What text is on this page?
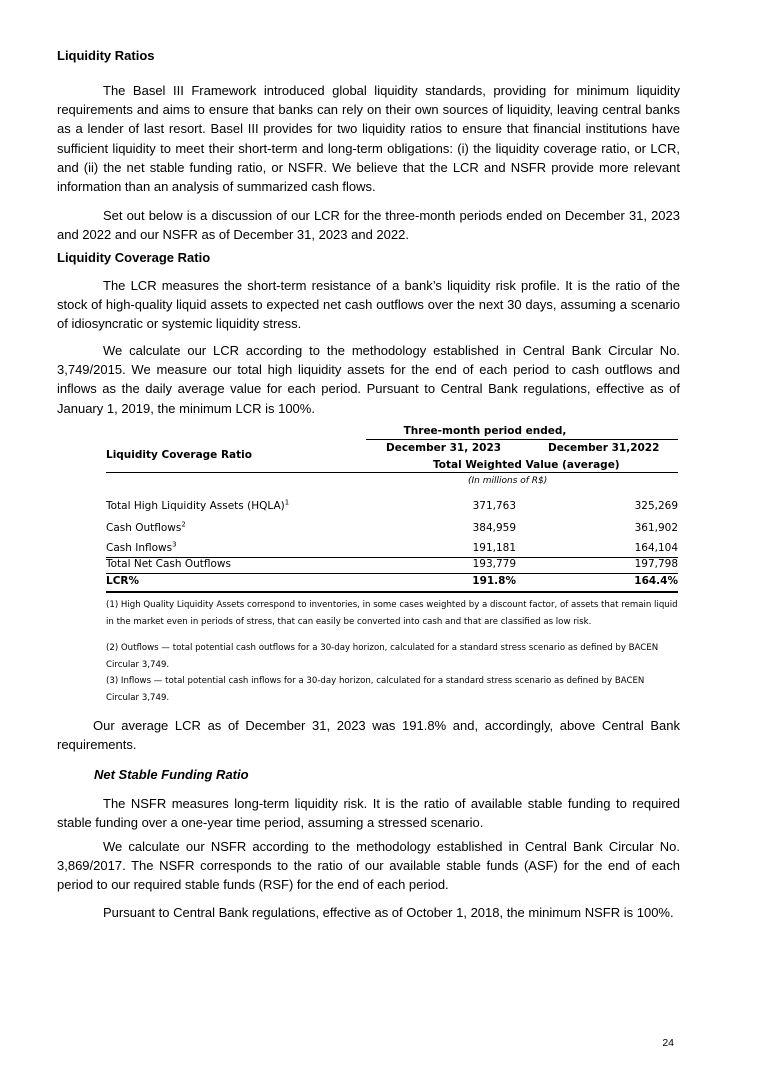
Liquidity Ratios
The Basel III Framework introduced global liquidity standards, providing for minimum liquidity requirements and aims to ensure that banks can rely on their own sources of liquidity, leaving central banks as a lender of last resort. Basel III provides for two liquidity ratios to ensure that financial institutions have sufficient liquidity to meet their short-term and long-term obligations: (i) the liquidity coverage ratio, or LCR, and (ii) the net stable funding ratio, or NSFR. We believe that the LCR and NSFR provide more relevant information than an analysis of summarized cash flows.
Set out below is a discussion of our LCR for the three-month periods ended on December 31, 2023 and 2022 and our NSFR as of December 31, 2023 and 2022.
Liquidity Coverage Ratio
The LCR measures the short-term resistance of a bank’s liquidity risk profile. It is the ratio of the stock of high-quality liquid assets to expected net cash outflows over the next 30 days, assuming a scenario of idiosyncratic or systemic liquidity stress.
We calculate our LCR according to the methodology established in Central Bank Circular No. 3,749/2015. We measure our total high liquidity assets for the end of each period to cash outflows and inflows as the daily average value for each period. Pursuant to Central Bank regulations, effective as of January 1, 2019, the minimum LCR is 100%.
Three-month period ended,
December 31, 2023	December 31,2022
Liquidity Coverage Ratio
Total Weighted Value (average)
(In millions of R$)
Total High Liquidity Assets (HQLA)$^1$	371,763	325,269
Cash Outflows$^2$	384,959	361,902
Cash Inflows$^3$	191,181	164,104
Total Net Cash Outflows	193,779	197,798
LCR%	191.8%	164.4%
(1) High Quality Liquidity Assets correspond to inventories, in some cases weighted by a discount factor, of assets that remain liquid in the market even in periods of stress, that can easily be converted into cash and that are classified as low risk.
(2) Outflows — total potential cash outflows for a 30-day horizon, calculated for a standard stress scenario as defined by BACEN Circular 3,749.
(3) Inflows — total potential cash inflows for a 30-day horizon, calculated for a standard stress scenario as defined by BACEN Circular 3,749.
Our average LCR as of December 31, 2023 was 191.8% and, accordingly, above Central Bank requirements.
Net Stable Funding Ratio
The NSFR measures long-term liquidity risk. It is the ratio of available stable funding to required stable funding over a one-year time period, assuming a stressed scenario.
We calculate our NSFR according to the methodology established in Central Bank Circular No. 3,869/2017. The NSFR corresponds to the ratio of our available stable funds (ASF) for the end of each period to our required stable funds (RSF) for the end of each period.
Pursuant to Central Bank regulations, effective as of October 1, 2018, the minimum NSFR is 100%.
24
